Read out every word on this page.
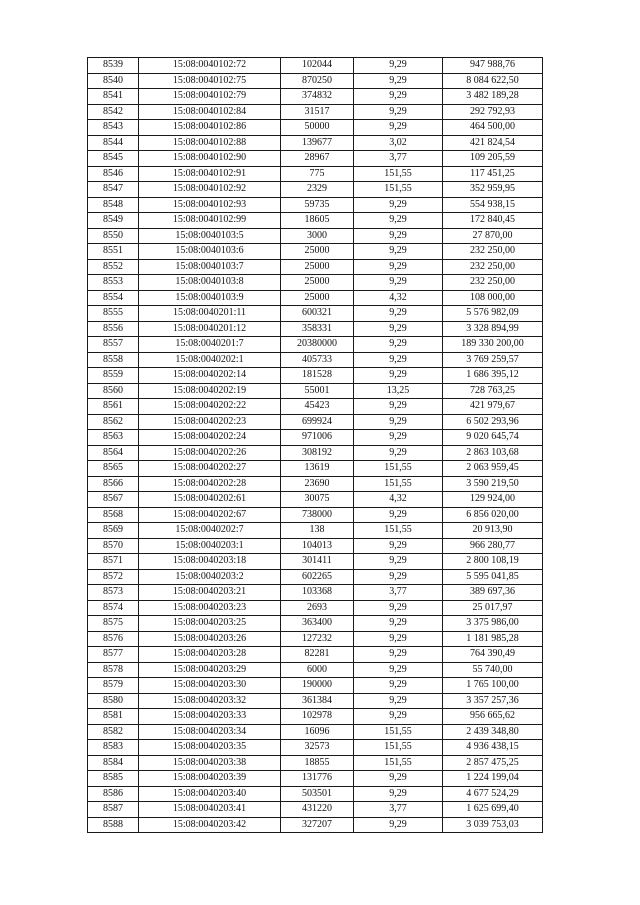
8539	15:08:0040102:72	102044	9,29	947 988,76
8540	15:08:0040102:75	870250	9,29	8 084 622,50
8541	15:08:0040102:79	374832	9,29	3 482 189,28
8542	15:08:0040102:84	31517	9,29	292 792,93
8543	15:08:0040102:86	50000	9,29	464 500,00
8544	15:08:0040102:88	139677	3,02	421 824,54
8545	15:08:0040102:90	28967	3,77	109 205,59
8546	15:08:0040102:91	775	151,55	117 451,25
8547	15:08:0040102:92	2329	151,55	352 959,95
8548	15:08:0040102:93	59735	9,29	554 938,15
8549	15:08:0040102:99	18605	9,29	172 840,45
8550	15:08:0040103:5	3000	9,29	27 870,00
8551	15:08:0040103:6	25000	9,29	232 250,00
8552	15:08:0040103:7	25000	9,29	232 250,00
8553	15:08:0040103:8	25000	9,29	232 250,00
8554	15:08:0040103:9	25000	4,32	108 000,00
8555	15:08:0040201:11	600321	9,29	5 576 982,09
8556	15:08:0040201:12	358331	9,29	3 328 894,99
8557	15:08:0040201:7	20380000	9,29	189 330 200,00
8558	15:08:0040202:1	405733	9,29	3 769 259,57
8559	15:08:0040202:14	181528	9,29	1 686 395,12
8560	15:08:0040202:19	55001	13,25	728 763,25
8561	15:08:0040202:22	45423	9,29	421 979,67
8562	15:08:0040202:23	699924	9,29	6 502 293,96
8563	15:08:0040202:24	971006	9,29	9 020 645,74
8564	15:08:0040202:26	308192	9,29	2 863 103,68
8565	15:08:0040202:27	13619	151,55	2 063 959,45
8566	15:08:0040202:28	23690	151,55	3 590 219,50
8567	15:08:0040202:61	30075	4,32	129 924,00
8568	15:08:0040202:67	738000	9,29	6 856 020,00
8569	15:08:0040202:7	138	151,55	20 913,90
8570	15:08:0040203:1	104013	9,29	966 280,77
8571	15:08:0040203:18	301411	9,29	2 800 108,19
8572	15:08:0040203:2	602265	9,29	5 595 041,85
8573	15:08:0040203:21	103368	3,77	389 697,36
8574	15:08:0040203:23	2693	9,29	25 017,97
8575	15:08:0040203:25	363400	9,29	3 375 986,00
8576	15:08:0040203:26	127232	9,29	1 181 985,28
8577	15:08:0040203:28	82281	9,29	764 390,49
8578	15:08:0040203:29	6000	9,29	55 740,00
8579	15:08:0040203:30	190000	9,29	1 765 100,00
8580	15:08:0040203:32	361384	9,29	3 357 257,36
8581	15:08:0040203:33	102978	9,29	956 665,62
8582	15:08:0040203:34	16096	151,55	2 439 348,80
8583	15:08:0040203:35	32573	151,55	4 936 438,15
8584	15:08:0040203:38	18855	151,55	2 857 475,25
8585	15:08:0040203:39	131776	9,29	1 224 199,04
8586	15:08:0040203:40	503501	9,29	4 677 524,29
8587	15:08:0040203:41	431220	3,77	1 625 699,40
8588	15:08:0040203:42	327207	9,29	3 039 753,03
